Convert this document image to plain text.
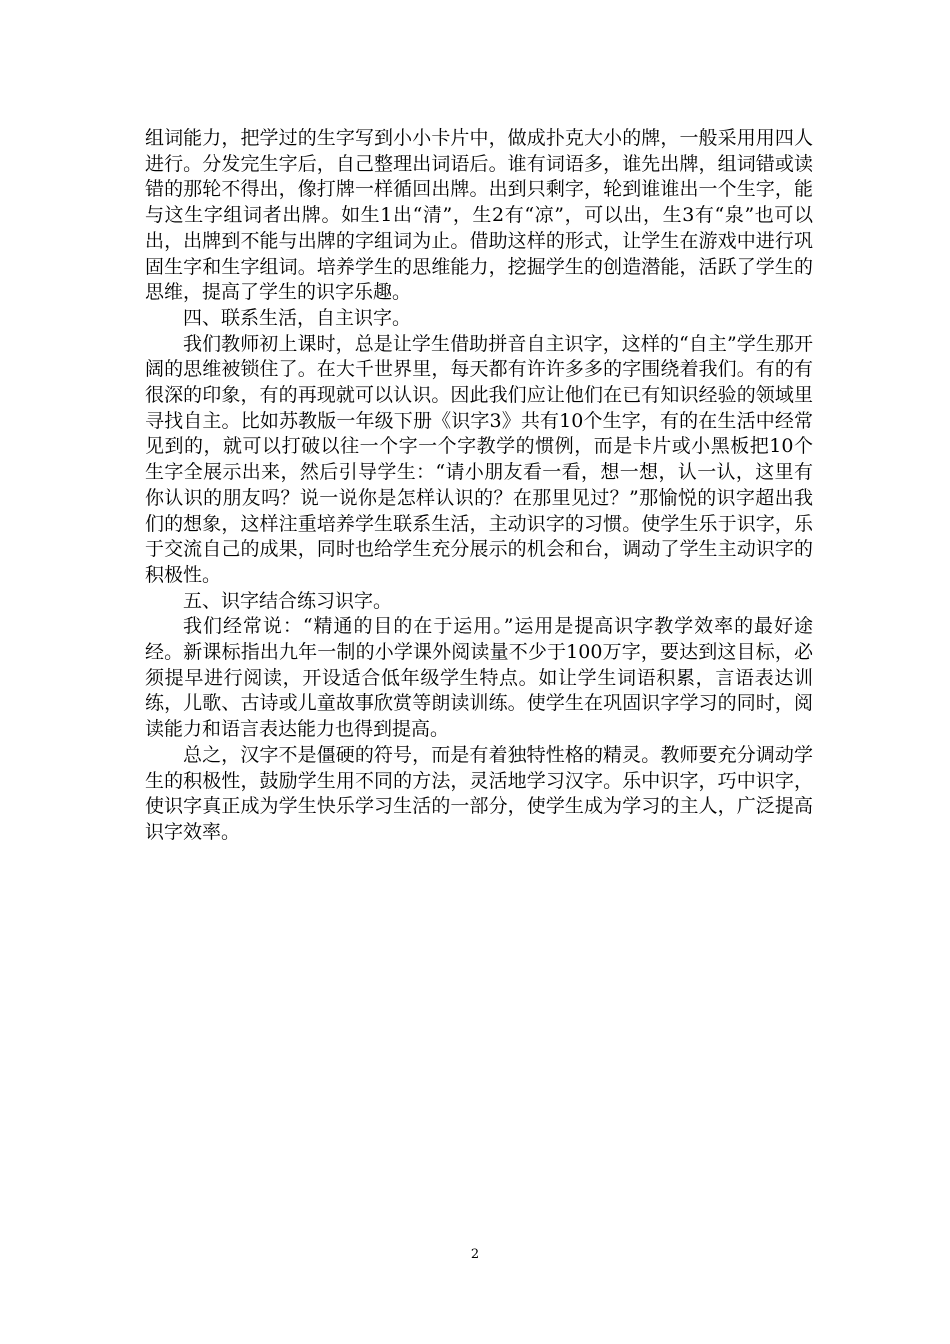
组词能力，把学过的生字写到小小卡片中，做成扑克大小的牌，一般采用用四人进行。分发完生字后，自己整理出词语后。谁有词语多，谁先出牌，组词错或读错的那轮不得出，像打牌一样循回出牌。出到只剩字，轮到谁谁出一个生字，能与这生字组词者出牌。如生1出“清”，生2有“凉”，可以出，生3有“泉”也可以出，出牌到不能与出牌的字组词为止。借助这样的形式，让学生在游戏中进行巩固生字和生字组词。培养学生的思维能力，挖掘学生的创造潜能，活跃了学生的思维，提高了学生的识字乐趣。

四、联系生活，自主识字。

我们教师初上课时，总是让学生借助拼音自主识字，这样的“自主”学生那开阔的思维被锁住了。在大千世界里，每天都有许许多多的字围绕着我们。有的有很深的印象，有的再现就可以认识。因此我们应让他们在已有知识经验的领域里寻找自主。比如苏教版一年级下册《识字3》共有10个生字，有的在生活中经常见到的，就可以打破以往一个字一个字教学的惯例，而是卡片或小黑板把10个生字全展示出来，然后引导学生：“请小朋友看一看，想一想，认一认，这里有你认识的朋友吗？说一说你是怎样认识的？在那里见过？”那愉悦的识字超出我们的想象，这样注重培养学生联系生活，主动识字的习惯。使学生乐于识字，乐于交流自己的成果，同时也给学生充分展示的机会和台，调动了学生主动识字的积极性。

五、识字结合练习识字。

我们经常说：“精通的目的在于运用。”运用是提高识字教学效率的最好途经。新课标指出九年一制的小学课外阅读量不少于100万字，要达到这目标，必须提早进行阅读，开设适合低年级学生特点。如让学生词语积累，言语表达训练，儿歌、古诗或儿童故事欣赏等朗读训练。使学生在巩固识字学习的同时，阅读能力和语言表达能力也得到提高。

总之，汉字不是僵硬的符号，而是有着独特性格的精灵。教师要充分调动学生的积极性，鼓励学生用不同的方法，灵活地学习汉字。乐中识字，巧中识字，使识字真正成为学生快乐学习生活的一部分，使学生成为学习的主人，广泛提高识字效率。

2
